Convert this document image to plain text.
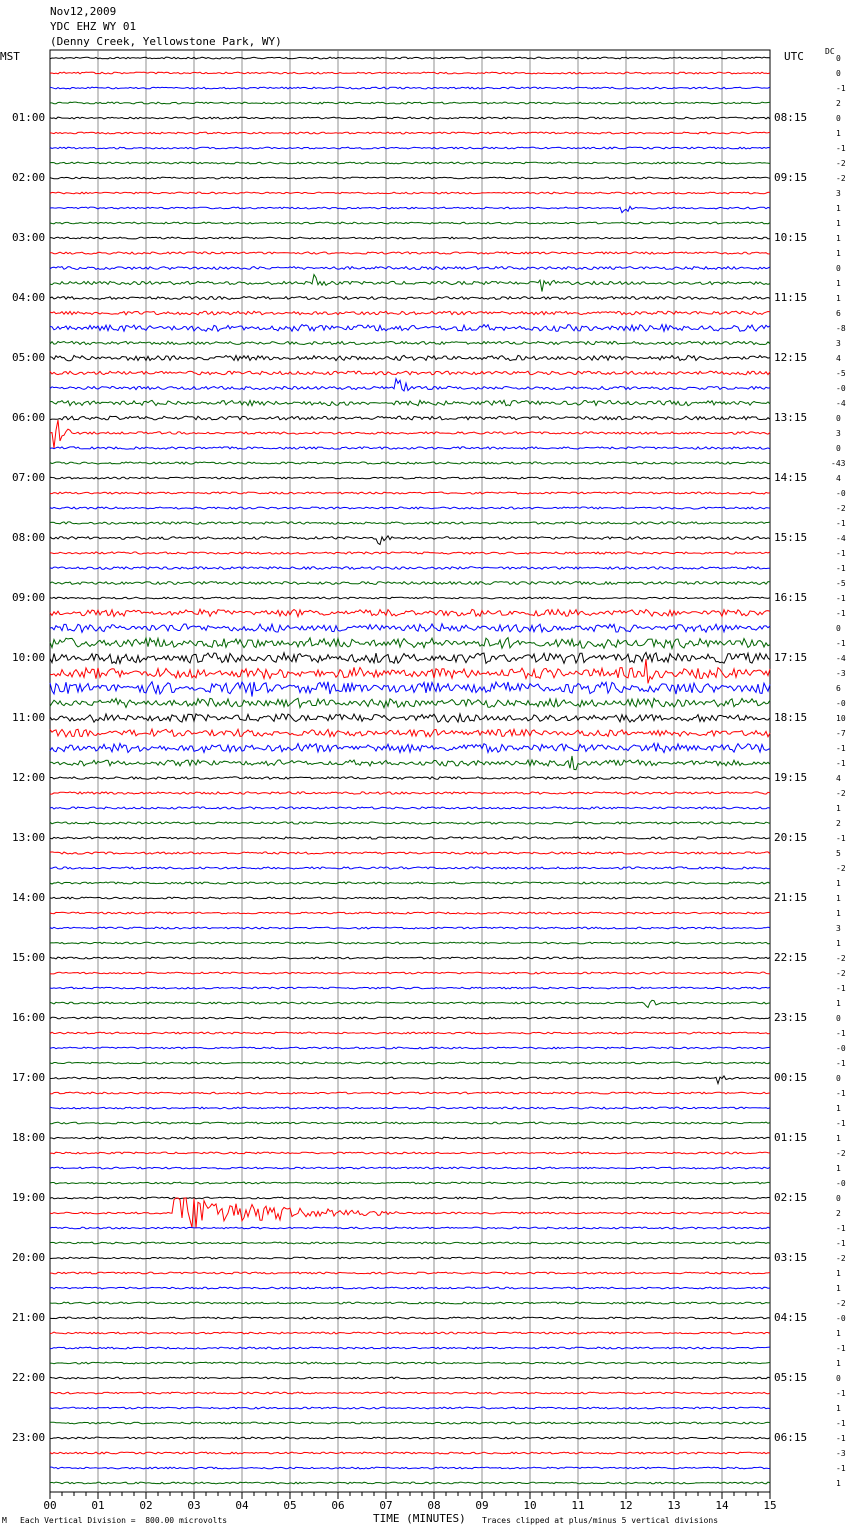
00	01	02	03	04	05	06	07	08	09	10	11	12	13	14	15
Nov12,2009
YDC EHZ WY 01
(Denny Creek, Yellowstone Park, WY)
MST	UTC	DC
01:00
02:00
03:00
04:00
05:00
06:00
07:00
08:00
09:00
10:00
11:00
12:00
13:00
14:00
15:00
16:00
17:00
18:00
19:00
20:00
21:00
22:00
23:00
08:15
09:15
10:15
11:15
12:15
13:15
14:15
15:15
16:15
17:15
18:15
19:15
20:15
21:15
22:15
23:15
00:15
01:15
02:15
03:15
04:15
05:15
06:15
0
0
-1
2
0
1
-1
-2
-2
3
1
1
1
1
0
1
1
6
-8
3
4
-5
-0
-4
0
3
0
-43
4
-0
-2
-1
-4
-1
-1
-5
-1
-1
0
-1
-4
-3
6
-0
10
-7
-1
-1
4
-2
1
2
-1
5
-2
1
1
1
3
1
-2
-2
-1
1
0
-1
-0
-1
0
-1
1
-1
1
-2
1
-0
0
2
-1
-1
-2
1
1
-2
-0
1
-1
1
0
-1
1
-1
-1
-3
-1
1
M Each Vertical Division =  800.00 microvolts	TIME (MINUTES) Traces clipped at plus/minus 5 vertical divisions
